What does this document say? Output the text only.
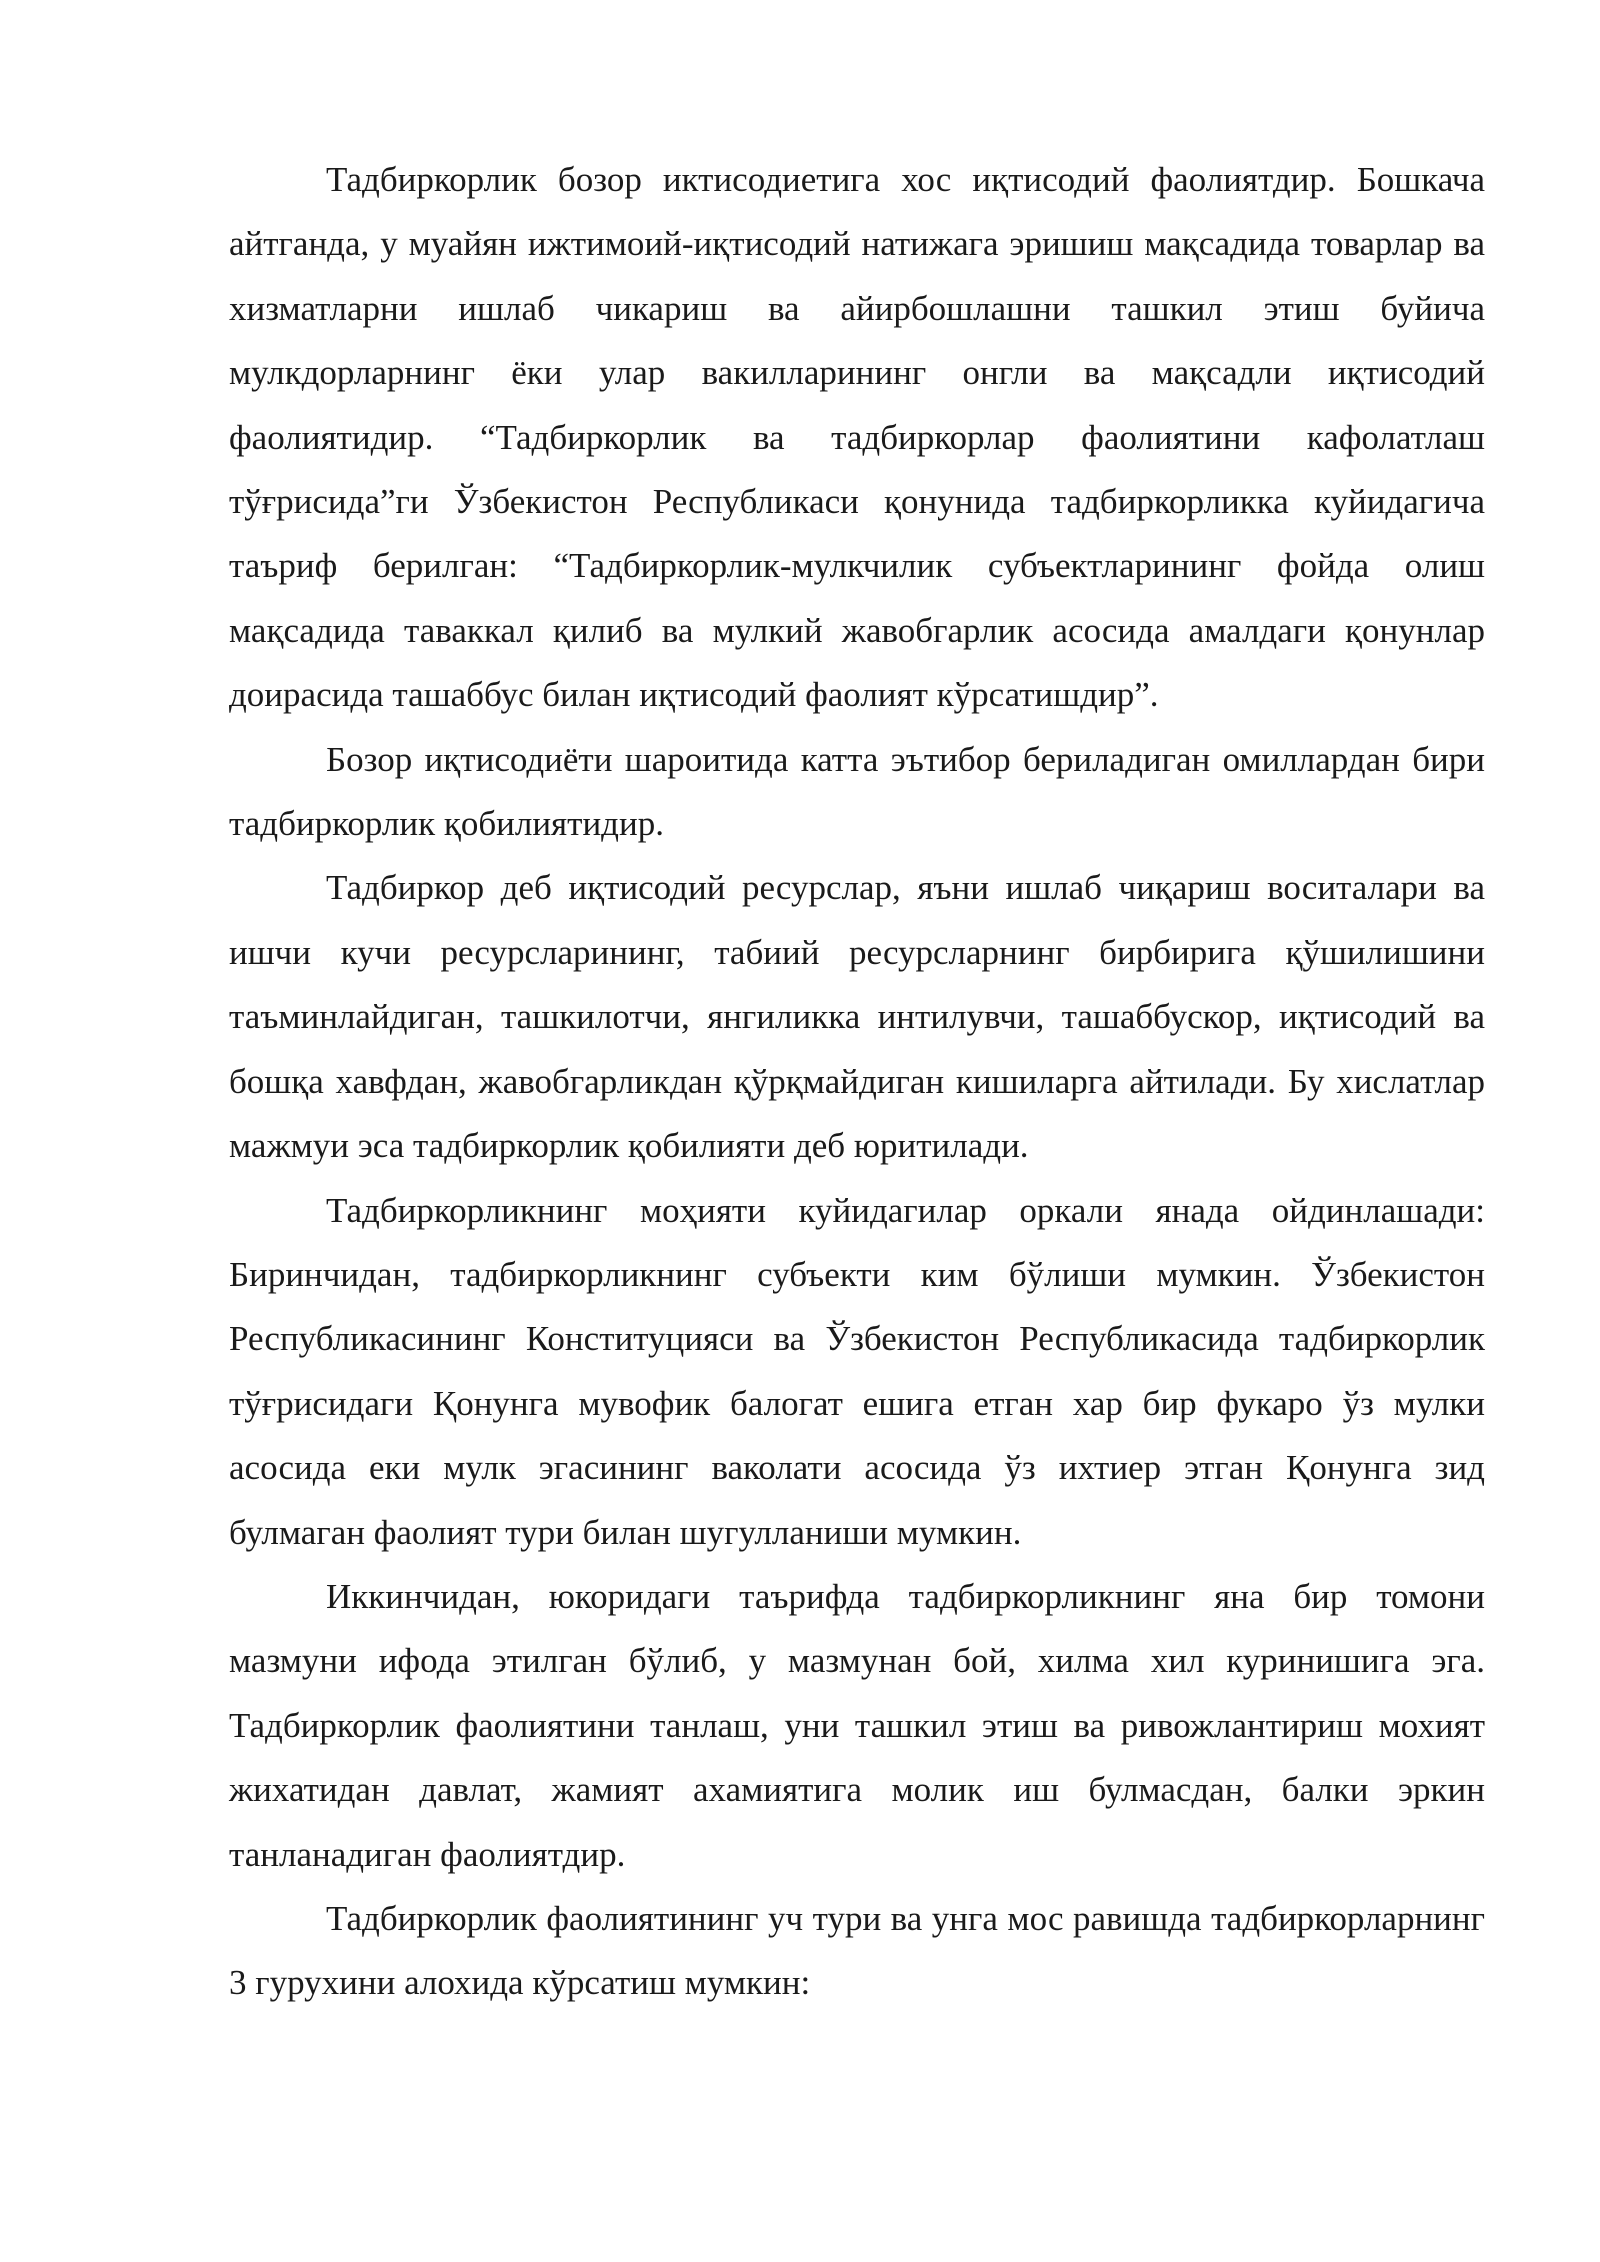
Тадбиркорлик бозор иктисодиетига хос иқтисодий фаолиятдир. Бошкача айтганда, у муайян ижтимоий-иқтисодий натижага эришиш мақсадида товарлар ва хизматларни ишлаб чикариш ва айирбошлашни ташкил этиш буйича мулкдорларнинг ёки улар вакилларининг онгли ва мақсадли иқтисодий фаолиятидир. “Тадбиркорлик ва тадбиркорлар фаолиятини кафолатлаш тўғрисида”ги Ўзбекистон Республикаси қонунида тадбиркорликка куйидагича таъриф берилган: “Тадбиркорлик-мулкчилик субъектларининг фойда олиш мақсадида таваккал қилиб ва мулкий жавобгарлик асосида амалдаги қонунлар доирасида ташаббус билан иқтисодий фаолият кўрсатишдир”.

Бозор иқтисодиёти шароитида катта эътибор бериладиган омиллардан бири тадбиркорлик қобилиятидир.

Тадбиркор деб иқтисодий ресурслар, яъни ишлаб чиқариш воситалари ва ишчи кучи ресурсларининг, табиий ресурсларнинг бирбирига қўшилишини таъминлайдиган, ташкилотчи, янгиликка интилувчи, ташаббускор, иқтисодий ва бошқа хавфдан, жавобгарликдан қўрқмайдиган кишиларга айтилади. Бу хислатлар мажмуи эса тадбиркорлик қобилияти деб юритилади.

Тадбиркорликнинг моҳияти куйидагилар оркали янада ойдинлашади: Биринчидан, тадбиркорликнинг субъекти ким бўлиши мумкин. Ўзбекистон Республикасининг Конституцияси ва Ўзбекистон Республикасида тадбиркорлик тўғрисидаги Қонунга мувофик балогат ешига етган хар бир фукаро ўз мулки асосида еки мулк эгасининг ваколати асосида ўз ихтиер этган Қонунга зид булмаган фаолият тури билан шугулланиши мумкин.

Иккинчидан, юкоридаги таърифда тадбиркорликнинг яна бир томони мазмуни ифода этилган бўлиб, у мазмунан бой, хилма хил куринишига эга. Тадбиркорлик фаолиятини танлаш, уни ташкил этиш ва ривожлантириш мохият жихатидан давлат, жамият ахамиятига молик иш булмасдан, балки эркин танланадиган фаолиятдир.

Тадбиркорлик фаолиятининг уч тури ва унга мос равишда тадбиркорларнинг 3 гурухини алохида кўрсатиш мумкин:
